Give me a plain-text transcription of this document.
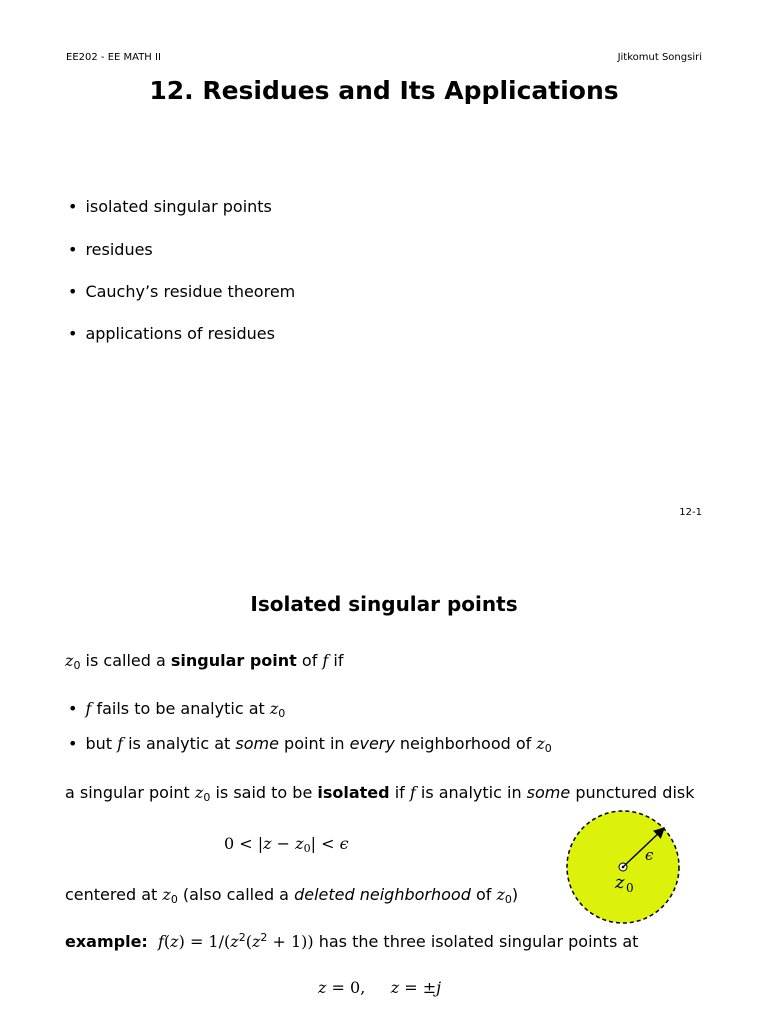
EE202 - EE MATH II	Jitkomut Songsiri
12. Residues and Its Applications
• isolated singular points
• residues
• Cauchy’s residue theorem
• applications of residues
12-1
Isolated singular points
$z_0$ is called a singular point of f if
• f fails to be analytic at $z_0$
• but f is analytic at some point in every neighborhood of $z_0$
a singular point $z_0$ is said to be isolated if f is analytic in some punctured disk
$0 < |z - z_0| < \epsilon$
centered at $z_0$ (also called a deleted neighborhood of $z_0$)
example: $f(z) = 1/(z^2(z^2 + 1))$ has the three isolated singular points at
z = 0,     z = ±j
ϵ
z 0
